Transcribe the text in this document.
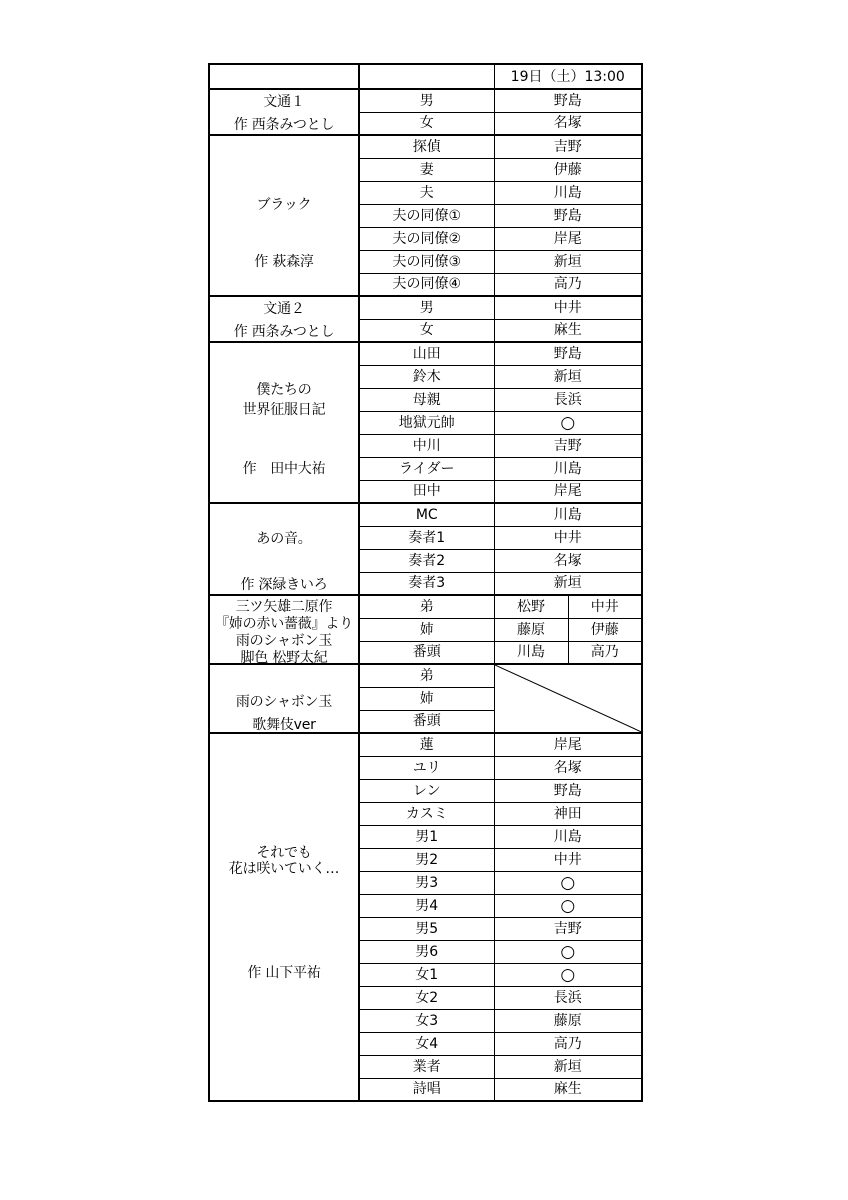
		19日（土）13:00	

文通１
作 西条みつとし	男	野島	
	女	名塚	

ブラック
作 萩森淳	探偵	吉野	
	妻	伊藤	
	夫	川島	
	夫の同僚①	野島	
	夫の同僚②	岸尾	
	夫の同僚③	新垣	
	夫の同僚④	高乃	

文通２
作 西条みつとし	男	中井	
	女	麻生	

僕たちの
世界征服日記
作　田中大祐	山田	野島	
	鈴木	新垣	
	母親	長浜	
	地獄元帥	○	
	中川	吉野	
	ライダー	川島	
	田中	岸尾	

あの音。
作 深緑きいろ	MC	川島	
	奏者1	中井	
	奏者2	名塚	
	奏者3	新垣	

三ツ矢雄二原作
『姉の赤い薔薇』より
雨のシャボン玉
脚色 松野太紀	弟	松野	中井
	姉	藤原	伊藤
	番頭	川島	高乃

雨のシャボン玉
歌舞伎ver	弟	

	姉		
	番頭		

それでも
花は咲いていく…
作 山下平祐	蓮	岸尾	
	ユリ	名塚	
	レン	野島	
	カスミ	神田	
	男1	川島	
	男2	中井	
	男3	○	
	男4	○	
	男5	吉野	
	男6	○	
	女1	○	
	女2	長浜	
	女3	藤原	
	女4	高乃	
	業者	新垣	
	詩唱	麻生	
